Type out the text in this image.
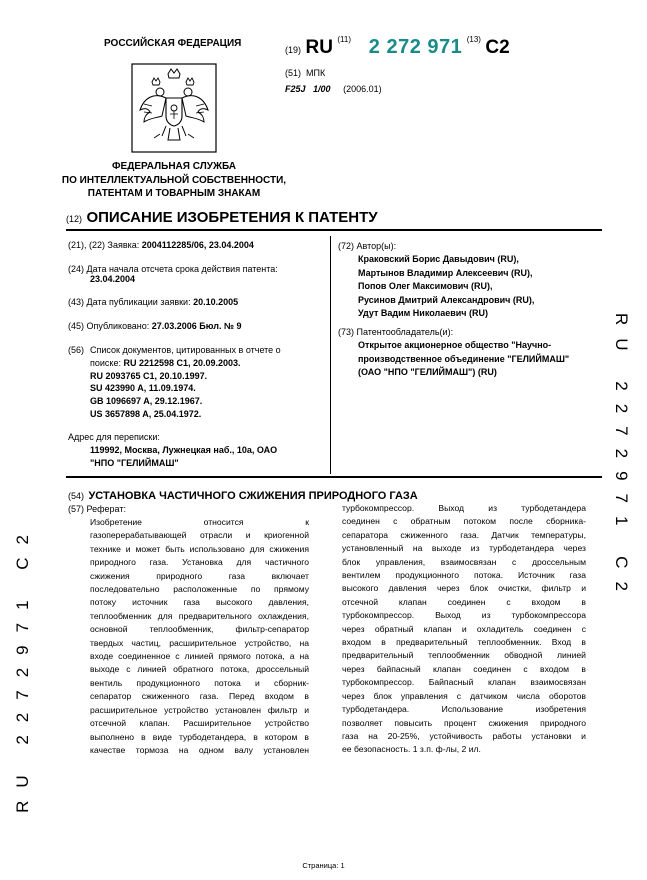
РОССИЙСКАЯ ФЕДЕРАЦИЯ
(19) RU $^{(11)}$ 2 272 971 $^{(13)}$ C2
(51) МПК
F25J 1/00 (2006.01)
ФЕДЕРАЛЬНАЯ СЛУЖБА
ПО ИНТЕЛЛЕКТУАЛЬНОЙ СОБСТВЕННОСТИ,
ПАТЕНТАМ И ТОВАРНЫМ ЗНАКАМ
(12) ОПИСАНИЕ ИЗОБРЕТЕНИЯ К ПАТЕНТУ
(21), (22) Заявка: 2004112285/06, 23.04.2004
(24) Дата начала отсчета срока действия патента:
23.04.2004
(43) Дата публикации заявки: 20.10.2005
(45) Опубликовано: 27.03.2006 Бюл. № 9
(56) Список документов, цитированных в отчете о поиске: RU 2212598 C1, 20.09.2003.
RU 2093765 C1, 20.10.1997.
SU 423990 A, 11.09.1974.
GB 1096697 A, 29.12.1967.
US 3657898 A, 25.04.1972.
Адрес для переписки:
119992, Москва, Лужнецкая наб., 10а, ОАО
"НПО "ГЕЛИЙМАШ"
(72) Автор(ы):
Краковский Борис Давыдович (RU),
Мартынов Владимир Алексеевич (RU),
Попов Олег Максимович (RU),
Русинов Дмитрий Александрович (RU),
Удут Вадим Николаевич (RU)
(73) Патентообладатель(и):
Открытое акционерное общество "Научно-
производственное объединение "ГЕЛИЙМАШ"
(ОАО "НПО "ГЕЛИЙМАШ") (RU)
(54) УСТАНОВКА ЧАСТИЧНОГО СЖИЖЕНИЯ ПРИРОДНОГО ГАЗА
(57) Реферат:
Изобретение относится к
газоперерабатывающей отрасли и криогенной
технике и может быть использовано для сжижения
природного газа. Установка для частичного
сжижения природного газа включает
последовательно расположенные по прямому
потоку источник газа высокого давления,
теплообменник для предварительного охлаждения,
основной теплообменник, фильтр-сепаратор
твердых частиц, расширительное устройство, на
входе соединенное с линией прямого потока, а на
выходе с линией обратного потока, дроссельный
вентиль продукционного потока и сборник-
сепаратор сжиженного газа. Перед входом в
расширительное устройство установлен фильтр и
отсечной клапан. Расширительное устройство
выполнено в виде турбодетандера, в котором в
качестве тормоза на одном валу установлен
турбокомпрессор. Выход из турбодетандера
соединен с обратным потоком после сборника-
сепаратора сжиженного газа. Датчик температуры,
установленный на выходе из турбодетандера через
блок управления, взаимосвязан с дроссельным
вентилем продукционного потока. Источник газа
высокого давления через блок очистки, фильтр и
отсечной клапан соединен с входом в
турбокомпрессор. Выход из турбокомпрессора
через обратный клапан и охладитель соединен с
входом в предварительный теплообменник. Вход в
предварительный теплообменник обводной линией
через байпасный клапан соединен с входом в
турбокомпрессор. Байпасный клапан взаимосвязан
через блок управления с датчиком числа оборотов
турбодетандера. Использование изобретения
позволяет повысить процент сжижения природного
газа на 20-25%, устойчивость работы установки и
ее безопасность. 1 з.п. ф-лы, 2 ил.
RU 2272971 C2
RU 2272971 C2
Страница: 1
